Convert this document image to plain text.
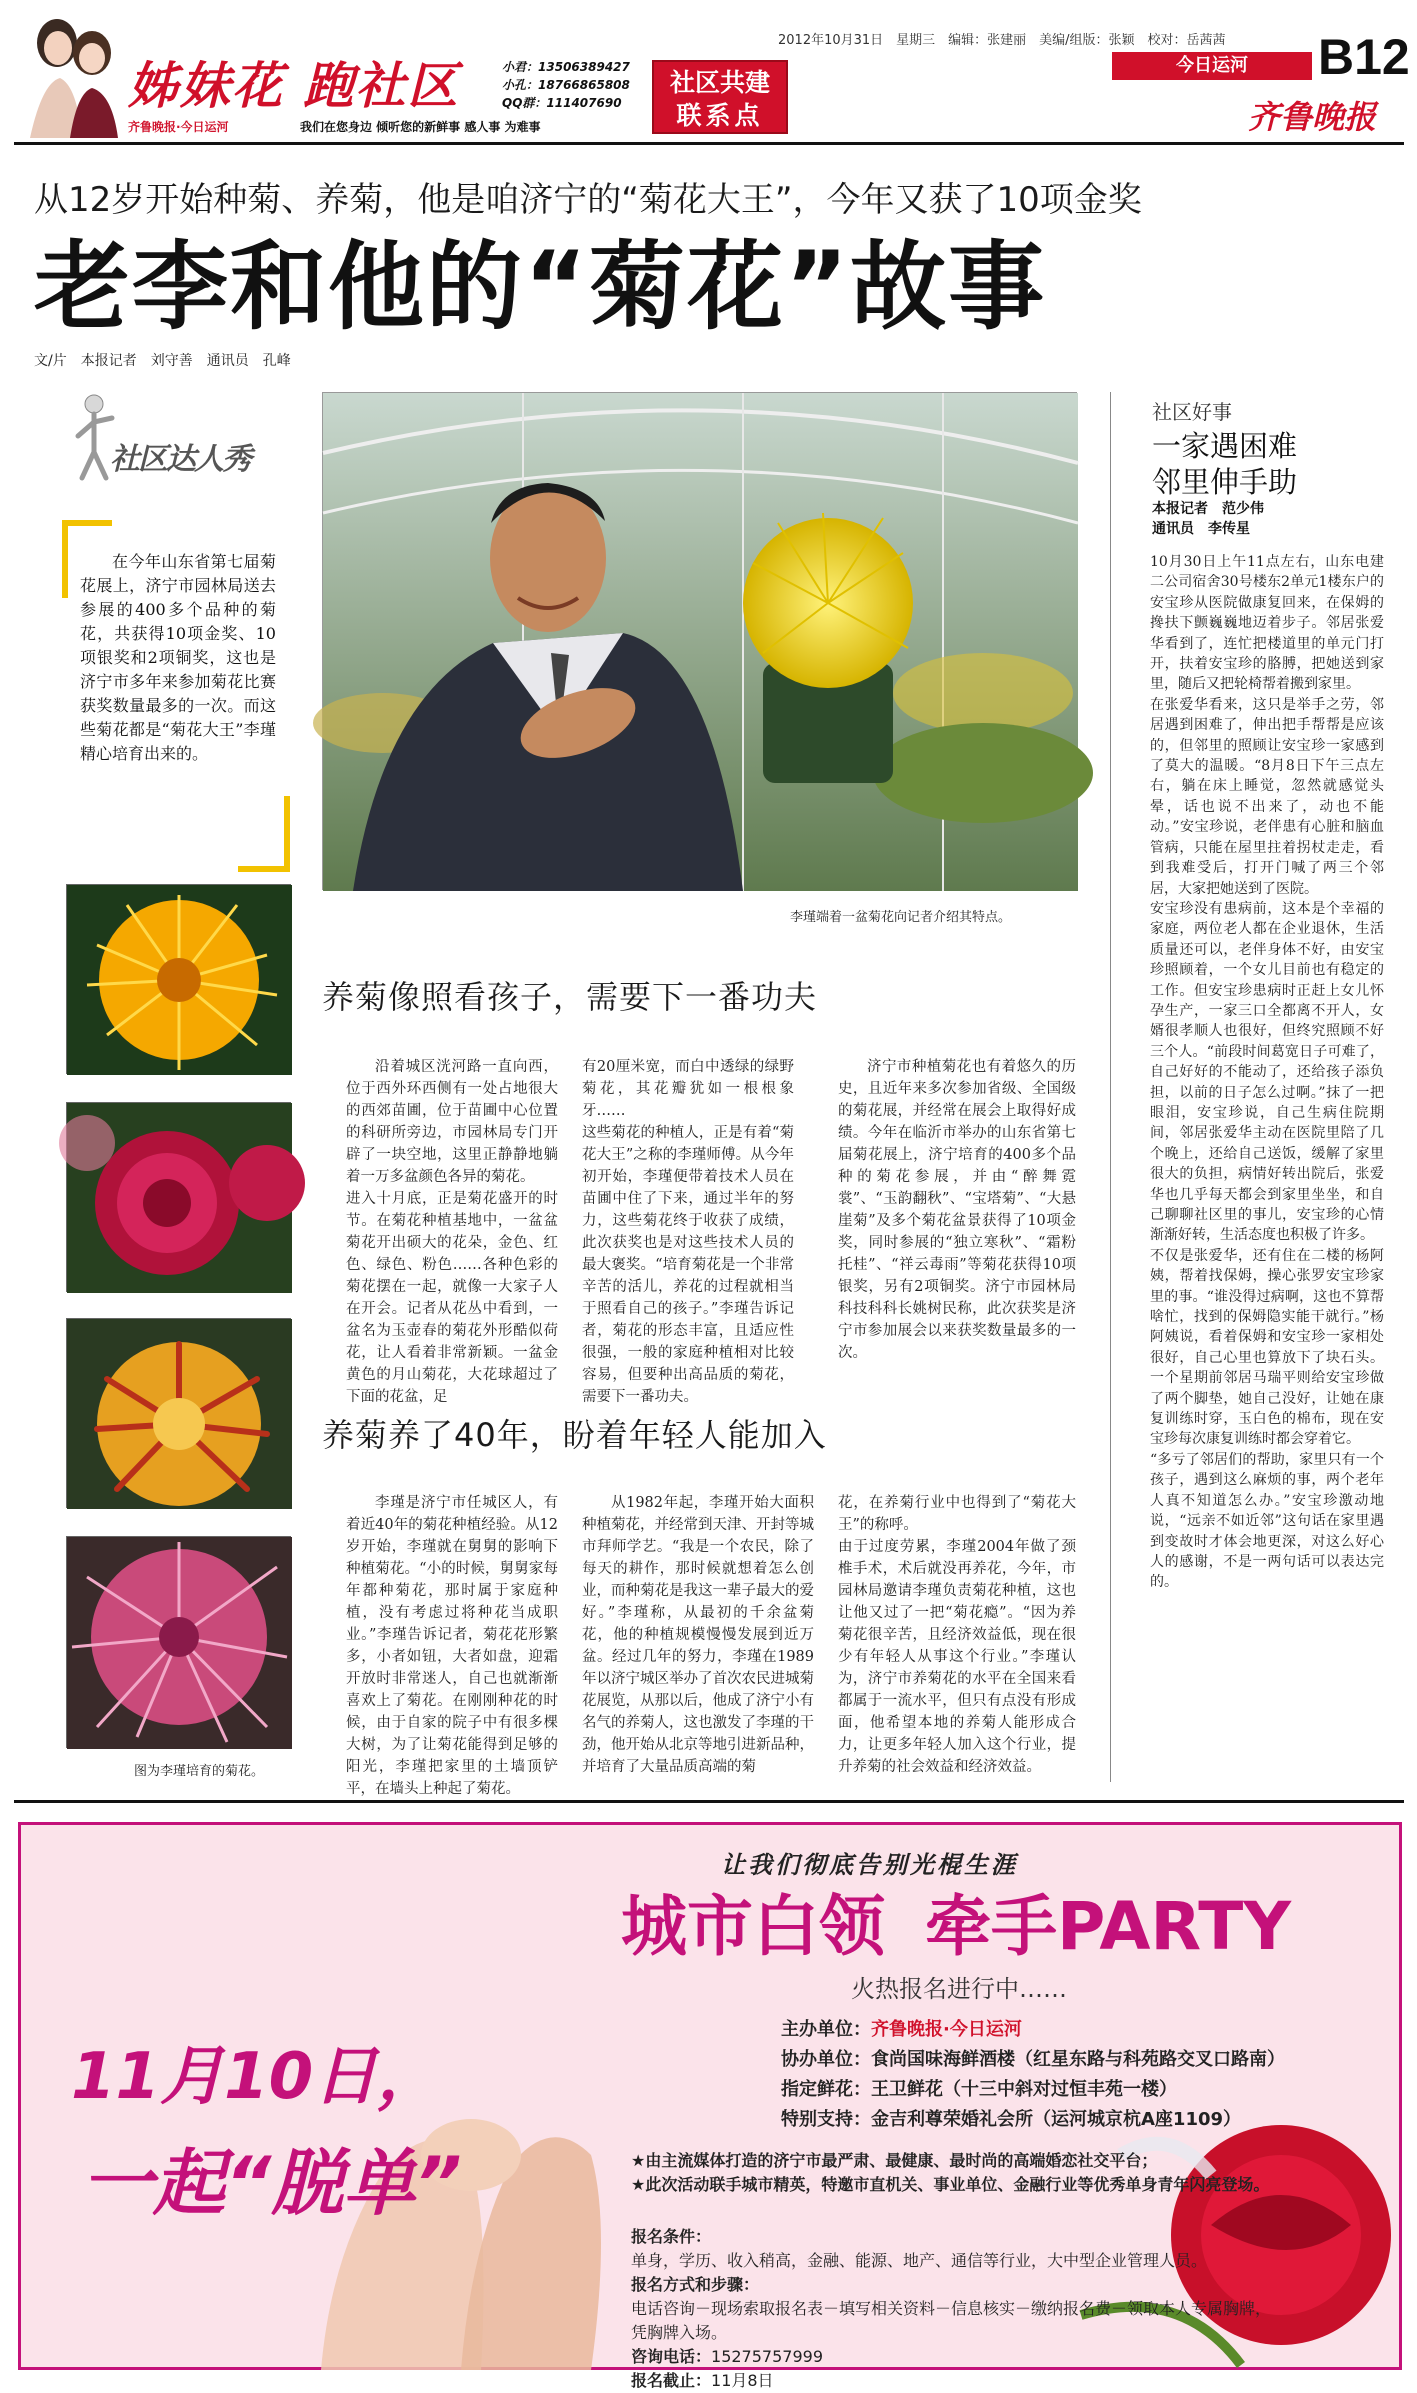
姊妹花 跑社区
齐鲁晚报·今日运河	我们在您身边 倾听您的新鲜事 感人事 为难事
小君：13506389427
小孔：18766865808
QQ群：111407690
社区共建
联系点
2012年10月31日　星期三　编辑：张建丽　美编/组版：张颖　校对：岳茜茜
今日运河	B12
齐鲁晚报
从12岁开始种菊、养菊，他是咱济宁的“菊花大王”，今年又获了10项金奖
老李和他的“菊花”故事
文/片　本报记者　刘守善　通讯员　孔峰
社区达人秀

在今年山东省第七届菊花展上，济宁市园林局送去参展的400多个品种的菊花，共获得10项金奖、10项银奖和2项铜奖，这也是济宁市多年来参加菊花比赛获奖数量最多的一次。而这些菊花都是“菊花大王”李瑾精心培育出来的。

李瑾端着一盆菊花向记者介绍其特点。
图为李瑾培育的菊花。
养菊像照看孩子，需要下一番功夫
沿着城区洸河路一直向西，位于西外环西侧有一处占地很大的西郊苗圃，位于苗圃中心位置的科研所旁边，市园林局专门开辟了一块空地，这里正静静地躺着一万多盆颜色各异的菊花。
进入十月底，正是菊花盛开的时节。在菊花种植基地中，一盆盆菊花开出硕大的花朵，金色、红色、绿色、粉色……各种色彩的菊花摆在一起，就像一大家子人在开会。记者从花丛中看到，一盆名为玉壶春的菊花外形酷似荷花，让人看着非常新颖。一盆金黄色的月山菊花，大花球超过了下面的花盆，足
有20厘米宽，而白中透绿的绿野菊花，其花瓣犹如一根根象牙……
这些菊花的种植人，正是有着“菊花大王”之称的李瑾师傅。从今年初开始，李瑾便带着技术人员在苗圃中住了下来，通过半年的努力，这些菊花终于收获了成绩，此次获奖也是对这些技术人员的最大褒奖。“培育菊花是一个非常辛苦的活儿，养花的过程就相当于照看自己的孩子。”李瑾告诉记者，菊花的形态丰富，且适应性很强，一般的家庭种植相对比较容易，但要种出高品质的菊花，需要下一番功夫。
济宁市种植菊花也有着悠久的历史，且近年来多次参加省级、全国级的菊花展，并经常在展会上取得好成绩。今年在临沂市举办的山东省第七届菊花展上，济宁培育的400多个品种的菊花参展，并由“醉舞霓裳”、“玉韵翻秋”、“宝塔菊”、“大悬崖菊”及多个菊花盆景获得了10项金奖，同时参展的“独立寒秋”、“霜粉托桂”、“祥云毒雨”等菊花获得10项银奖，另有2项铜奖。济宁市园林局科技科科长姚树民称，此次获奖是济宁市参加展会以来获奖数量最多的一次。
养菊养了40年，盼着年轻人能加入
李瑾是济宁市任城区人，有着近40年的菊花种植经验。从12岁开始，李瑾就在舅舅的影响下种植菊花。“小的时候，舅舅家每年都种菊花，那时属于家庭种植，没有考虑过将种花当成职业。”李瑾告诉记者，菊花花形繁多，小者如钮，大者如盘，迎霜开放时非常迷人，自己也就渐渐喜欢上了菊花。在刚刚种花的时候，由于自家的院子中有很多棵大树，为了让菊花能得到足够的阳光，李瑾把家里的土墙顶铲平，在墙头上种起了菊花。
从1982年起，李瑾开始大面积种植菊花，并经常到天津、开封等城市拜师学艺。“我是一个农民，除了每天的耕作，那时候就想着怎么创业，而种菊花是我这一辈子最大的爱好。”李瑾称，从最初的千余盆菊花，他的种植规模慢慢发展到近万盆。经过几年的努力，李瑾在1989年以济宁城区举办了首次农民进城菊花展览，从那以后，他成了济宁小有名气的养菊人，这也激发了李瑾的干劲，他开始从北京等地引进新品种，并培育了大量品质高端的菊
花，在养菊行业中也得到了“菊花大王”的称呼。
由于过度劳累，李瑾2004年做了颈椎手术，术后就没再养花，今年，市园林局邀请李瑾负责菊花种植，这也让他又过了一把“菊花瘾”。“因为养菊花很辛苦，且经济效益低，现在很少有年轻人从事这个行业。”李瑾认为，济宁市养菊花的水平在全国来看都属于一流水平，但只有点没有形成面，他希望本地的养菊人能形成合力，让更多年轻人加入这个行业，提升养菊的社会效益和经济效益。
社区好事
一家遇困难
邻里伸手助
本报记者　范少伟
通讯员　李传星
10月30日上午11点左右，山东电建二公司宿舍30号楼东2单元1楼东户的安宝珍从医院做康复回来，在保姆的搀扶下颤巍巍地迈着步子。邻居张爱华看到了，连忙把楼道里的单元门打开，扶着安宝珍的胳膊，把她送到家里，随后又把轮椅帮着搬到家里。
在张爱华看来，这只是举手之劳，邻居遇到困难了，伸出把手帮帮是应该的，但邻里的照顾让安宝珍一家感到了莫大的温暖。“8月8日下午三点左右，躺在床上睡觉，忽然就感觉头晕，话也说不出来了，动也不能动。”安宝珍说，老伴患有心脏和脑血管病，只能在屋里拄着拐杖走走，看到我难受后，打开门喊了两三个邻居，大家把她送到了医院。
安宝珍没有患病前，这本是个幸福的家庭，两位老人都在企业退休，生活质量还可以，老伴身体不好，由安宝珍照顾着，一个女儿目前也有稳定的工作。但安宝珍患病时正赶上女儿怀孕生产，一家三口全都离不开人，女婿很孝顺人也很好，但终究照顾不好三个人。“前段时间葛宽日子可难了，自己好好的不能动了，还给孩子添负担，以前的日子怎么过啊。”抹了一把眼泪，安宝珍说，自己生病住院期间，邻居张爱华主动在医院里陪了几个晚上，还给自己送饭，缓解了家里很大的负担，病情好转出院后，张爱华也几乎每天都会到家里坐坐，和自己聊聊社区里的事儿，安宝珍的心情渐渐好转，生活态度也积极了许多。
不仅是张爱华，还有住在二楼的杨阿姨，帮着找保姆，操心张罗安宝珍家里的事。“谁没得过病啊，这也不算帮啥忙，找到的保姆隐实能干就行。”杨阿姨说，看着保姆和安宝珍一家相处很好，自己心里也算放下了块石头。一个星期前邻居马瑞平则给安宝珍做了两个脚垫，她自己没好，让她在康复训练时穿，玉白色的棉布，现在安宝珍每次康复训练时都会穿着它。
“多亏了邻居们的帮助，家里只有一个孩子，遇到这么麻烦的事，两个老年人真不知道怎么办。”安宝珍激动地说，“远亲不如近邻”这句话在家里遇到变故时才体会地更深，对这么好心人的感谢，不是一两句话可以表达完的。
让我们彻底告别光棍生涯
城市白领 牵手PARTY
火热报名进行中……
11月10日，
一起“脱单”
主办单位：齐鲁晚报·今日运河
协办单位：食尚国味海鲜酒楼（红星东路与科苑路交叉口路南）
指定鲜花：王卫鲜花（十三中斜对过恒丰苑一楼）
特别支持：金吉利尊荣婚礼会所（运河城京杭A座1109）
★由主流媒体打造的济宁市最严肃、最健康、最时尚的高端婚恋社交平台；
★此次活动联手城市精英，特邀市直机关、事业单位、金融行业等优秀单身青年闪亮登场。
报名条件：
单身，学历、收入稍高，金融、能源、地产、通信等行业，大中型企业管理人员。
报名方式和步骤：
电话咨询－现场索取报名表－填写相关资料－信息核实－缴纳报名费－领取本人专属胸牌，凭胸牌入场。
咨询电话：15275757999
报名截止：11月8日
